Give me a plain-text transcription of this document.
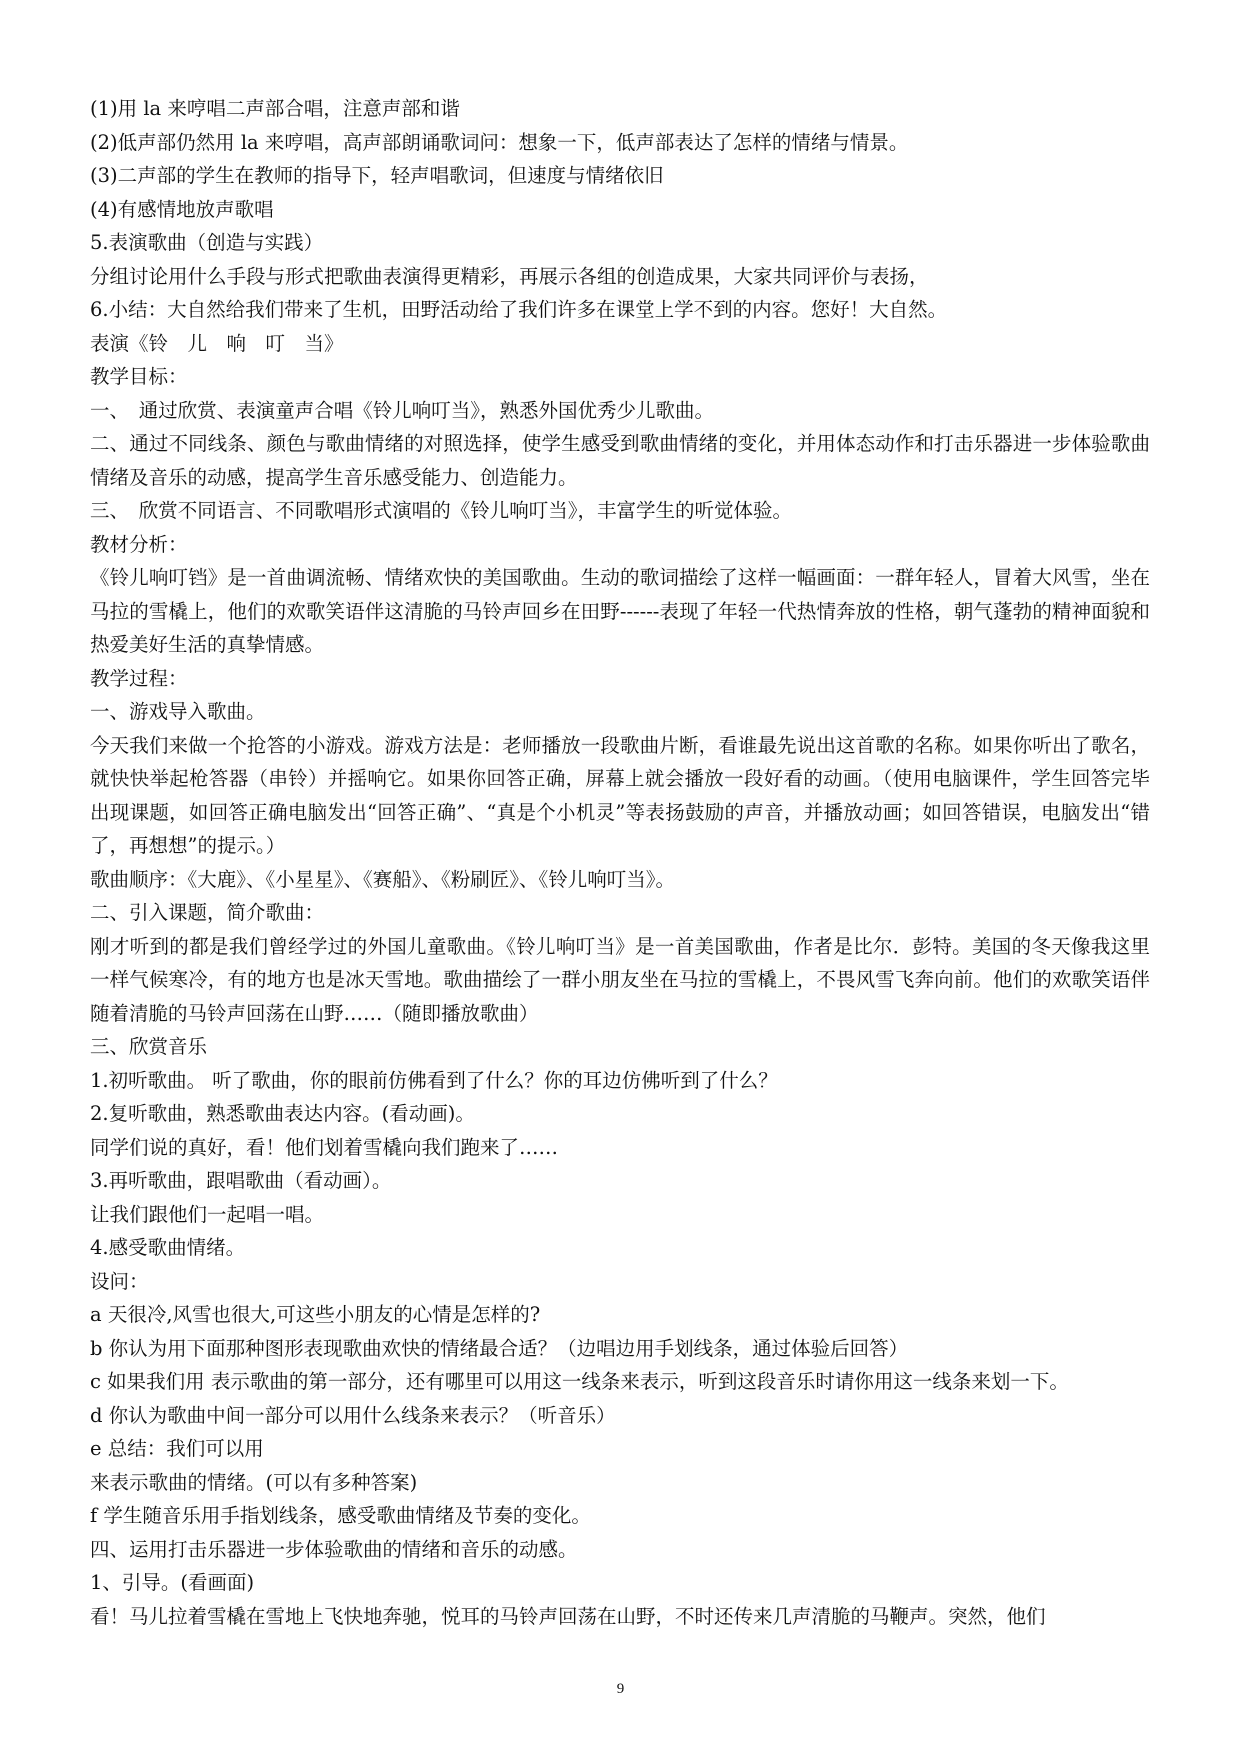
(1)用 la 来哼唱二声部合唱，注意声部和谐
(2)低声部仍然用 la 来哼唱，高声部朗诵歌词问：想象一下，低声部表达了怎样的情绪与情景。
(3)二声部的学生在教师的指导下，轻声唱歌词，但速度与情绪依旧
(4)有感情地放声歌唱
5.表演歌曲（创造与实践）
分组讨论用什么手段与形式把歌曲表演得更精彩，再展示各组的创造成果，大家共同评价与表扬，
6.小结：大自然给我们带来了生机，田野活动给了我们许多在课堂上学不到的内容。您好！大自然。
表演《铃　儿　响　叮　当》
教学目标：
一、　通过欣赏、表演童声合唱《铃儿响叮当》，熟悉外国优秀少儿歌曲。
二、通过不同线条、颜色与歌曲情绪的对照选择，使学生感受到歌曲情绪的变化，并用体态动作和打击乐器进一步体验歌曲情绪及音乐的动感，提高学生音乐感受能力、创造能力。
三、　欣赏不同语言、不同歌唱形式演唱的《铃儿响叮当》，丰富学生的听觉体验。
教材分析：
《铃儿响叮铛》是一首曲调流畅、情绪欢快的美国歌曲。生动的歌词描绘了这样一幅画面：一群年轻人，冒着大风雪，坐在马拉的雪橇上，他们的欢歌笑语伴这清脆的马铃声回乡在田野------表现了年轻一代热情奔放的性格，朝气蓬勃的精神面貌和热爱美好生活的真挚情感。
教学过程：
一、游戏导入歌曲。
今天我们来做一个抢答的小游戏。游戏方法是：老师播放一段歌曲片断，看谁最先说出这首歌的名称。如果你听出了歌名，就快快举起枪答器（串铃）并摇响它。如果你回答正确，屏幕上就会播放一段好看的动画。（使用电脑课件，学生回答完毕出现课题，如回答正确电脑发出“回答正确”、“真是个小机灵”等表扬鼓励的声音，并播放动画；如回答错误，电脑发出“错了，再想想”的提示。）
歌曲顺序：《大鹿》、《小星星》、《赛船》、《粉刷匠》、《铃儿响叮当》。
二、引入课题，简介歌曲：
刚才听到的都是我们曾经学过的外国儿童歌曲。《铃儿响叮当》是一首美国歌曲，作者是比尔．彭特。美国的冬天像我这里一样气候寒冷，有的地方也是冰天雪地。歌曲描绘了一群小朋友坐在马拉的雪橇上，不畏风雪飞奔向前。他们的欢歌笑语伴随着清脆的马铃声回荡在山野……（随即播放歌曲）
三、欣赏音乐
1.初听歌曲。 听了歌曲，你的眼前仿佛看到了什么？你的耳边仿佛听到了什么？
2.复听歌曲，熟悉歌曲表达内容。(看动画)。
同学们说的真好，看！他们划着雪橇向我们跑来了……
3.再听歌曲，跟唱歌曲（看动画）。
让我们跟他们一起唱一唱。
4.感受歌曲情绪。
设问：
a 天很冷,风雪也很大,可这些小朋友的心情是怎样的?
b 你认为用下面那种图形表现歌曲欢快的情绪最合适？（边唱边用手划线条，通过体验后回答）
c 如果我们用 表示歌曲的第一部分，还有哪里可以用这一线条来表示，听到这段音乐时请你用这一线条来划一下。
d 你认为歌曲中间一部分可以用什么线条来表示？（听音乐）
e 总结：我们可以用
来表示歌曲的情绪。(可以有多种答案)
f 学生随音乐用手指划线条，感受歌曲情绪及节奏的变化。
四、运用打击乐器进一步体验歌曲的情绪和音乐的动感。
1、引导。(看画面)
看！马儿拉着雪橇在雪地上飞快地奔驰，悦耳的马铃声回荡在山野，不时还传来几声清脆的马鞭声。突然，他们
9
